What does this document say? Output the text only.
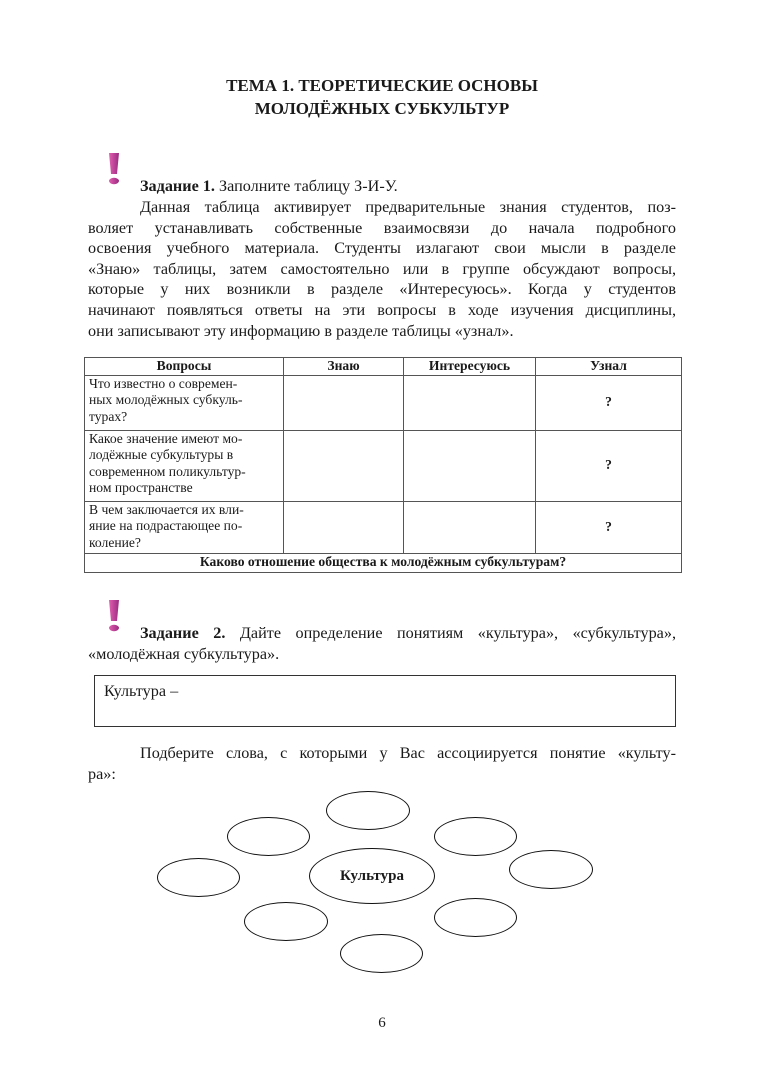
ТЕМА 1. ТЕОРЕТИЧЕСКИЕ ОСНОВЫ
МОЛОДЁЖНЫХ СУБКУЛЬТУР
Задание 1. Заполните таблицу З-И-У.
Данная таблица активирует предварительные знания студентов, поз-
воляет устанавливать собственные взаимосвязи до начала подробного
освоения учебного материала. Студенты излагают свои мысли в разделе
«Знаю» таблицы, затем самостоятельно или в группе обсуждают вопросы,
которые у них возникли в разделе «Интересуюсь». Когда у студентов
начинают появляться ответы на эти вопросы в ходе изучения дисциплины,
они записывают эту информацию в разделе таблицы «узнал».
Вопросы	Знаю	Интересуюсь	Узнал

Что известно о современ-
ных молодёжных субкуль-
турах?			?

Какое значение имеют мо-
лодёжные субкультуры в
современном поликультур-
ном пространстве			?

В чем заключается их вли-
яние на подрастающее по-
коление?			?
Каково отношение общества к молодёжным субкультурам?			
Задание 2. Дайте определение понятиям «культура», «субкультура»,
«молодёжная субкультура».
Культура –
Подберите слова, с которыми у Вас ассоциируется понятие «культу-
ра»:
Культура
6
